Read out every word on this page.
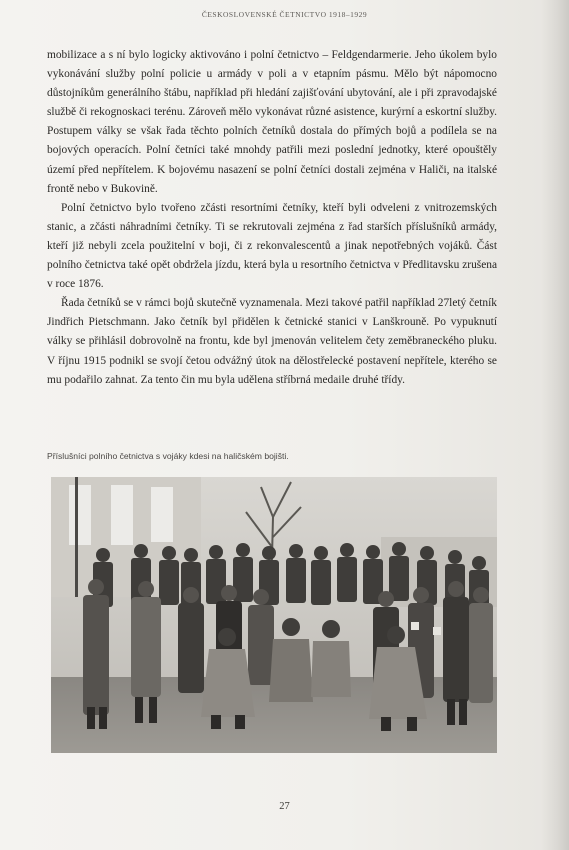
ČESKOSLOVENSKÉ ČETNICTVO 1918–1929

mobilizace a s ní bylo logicky aktivováno i polní četnictvo – Feldgendarmerie. Jeho úkolem bylo vykonávání služby polní policie u armády v poli a v etapním pásmu. Mělo být nápomocno důstojníkům generálního štábu, například při hledání zajišťování ubytování, ale i při zpravodajské službě či rekognoskaci terénu. Zároveň mělo vykonávat různé asistence, kurýrní a eskortní služby. Postupem války se však řada těchto polních četníků dostala do přímých bojů a podílela se na bojových operacích. Polní četníci také mnohdy patřili mezi poslední jednotky, které opouštěly území před nepřítelem. K bojovému nasazení se polní četníci dostali zejména v Haliči, na italské frontě nebo v Bukovině.

Polní četnictvo bylo tvořeno zčásti resortními četníky, kteří byli odveleni z vnitrozemských stanic, a zčásti náhradními četníky. Ti se rekrutovali zejména z řad starších příslušníků armády, kteří již nebyli zcela použitelní v boji, či z rekonvalescentů a jinak nepotřebných vojáků. Část polního četnictva také opět obdržela jízdu, která byla u resortního četnictva v Předlitavsku zrušena v roce 1876.

Řada četníků se v rámci bojů skutečně vyznamenala. Mezi takové patřil například 27letý četník Jindřich Pietschmann. Jako četník byl přidělen k četnické stanici v Lanškrouně. Po vypuknutí války se přihlásil dobrovolně na frontu, kde byl jmenován velitelem čety zeměbraneckého pluku. V říjnu 1915 podnikl se svojí četou odvážný útok na dělostřelecké postavení nepřítele, kterého se mu podařilo zahnat. Za tento čin mu byla udělena stříbrná medaile druhé třídy.

Příslušníci polního četnictva s vojáky kdesi na haličském bojišti.
27
